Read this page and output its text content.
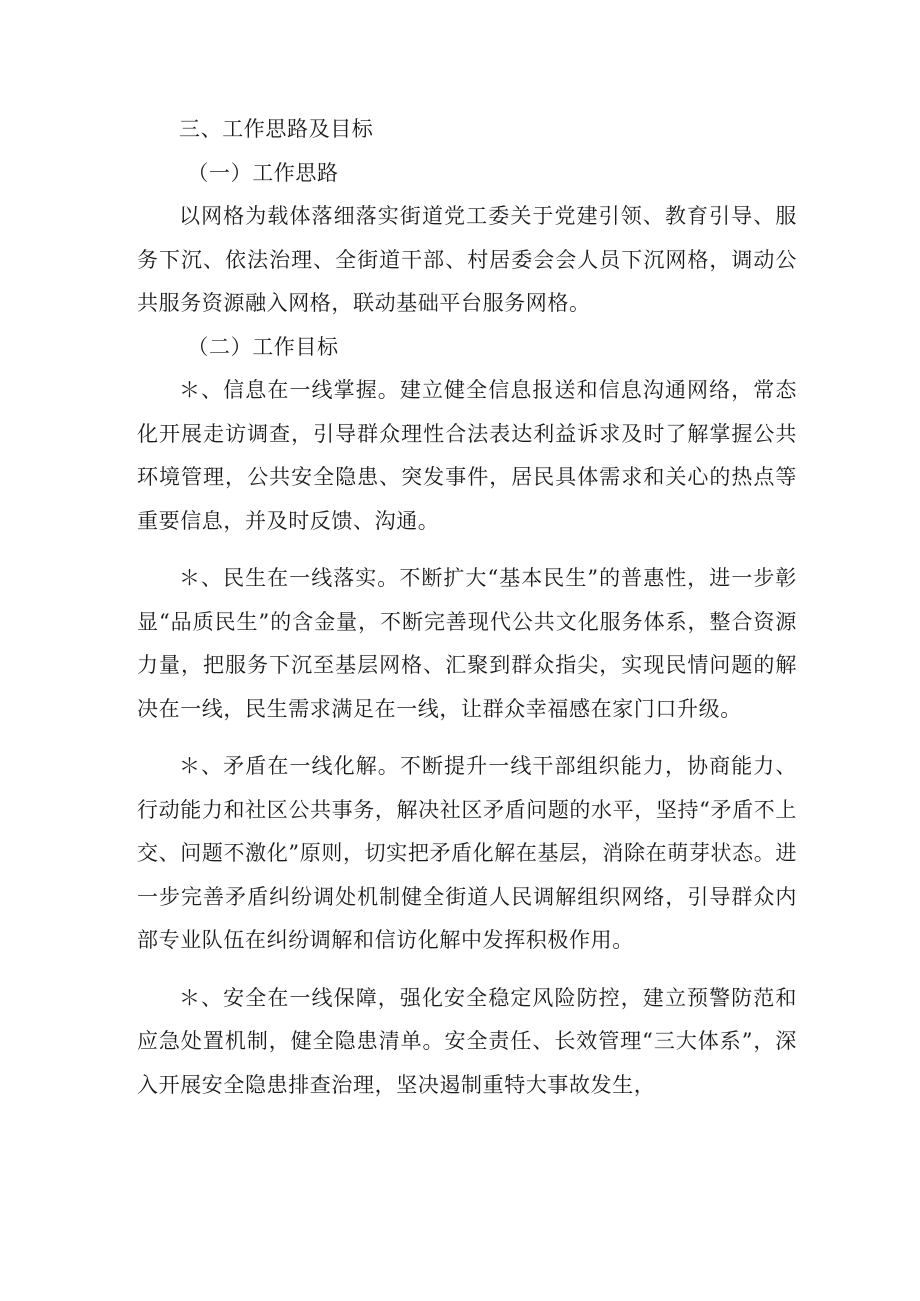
三、工作思路及目标

（一）工作思路

以网格为载体落细落实街道党工委关于党建引领、教育引导、服务下沉、依法治理、全街道干部、村居委会会人员下沉网格，调动公共服务资源融入网格，联动基础平台服务网格。

（二）工作目标

＊、信息在一线掌握。建立健全信息报送和信息沟通网络，常态化开展走访调查，引导群众理性合法表达利益诉求及时了解掌握公共环境管理，公共安全隐患、突发事件，居民具体需求和关心的热点等重要信息，并及时反馈、沟通。

＊、民生在一线落实。不断扩大“基本民生”的普惠性，进一步彰显“品质民生”的含金量，不断完善现代公共文化服务体系，整合资源力量，把服务下沉至基层网格、汇聚到群众指尖，实现民情问题的解决在一线，民生需求满足在一线，让群众幸福感在家门口升级。

＊、矛盾在一线化解。不断提升一线干部组织能力，协商能力、行动能力和社区公共事务，解决社区矛盾问题的水平，坚持“矛盾不上交、问题不激化”原则，切实把矛盾化解在基层，消除在萌芽状态。进一步完善矛盾纠纷调处机制健全街道人民调解组织网络，引导群众内部专业队伍在纠纷调解和信访化解中发挥积极作用。

＊、安全在一线保障，强化安全稳定风险防控，建立预警防范和应急处置机制，健全隐患清单。安全责任、长效管理“三大体系”，深入开展安全隐患排查治理，坚决遏制重特大事故发生，
